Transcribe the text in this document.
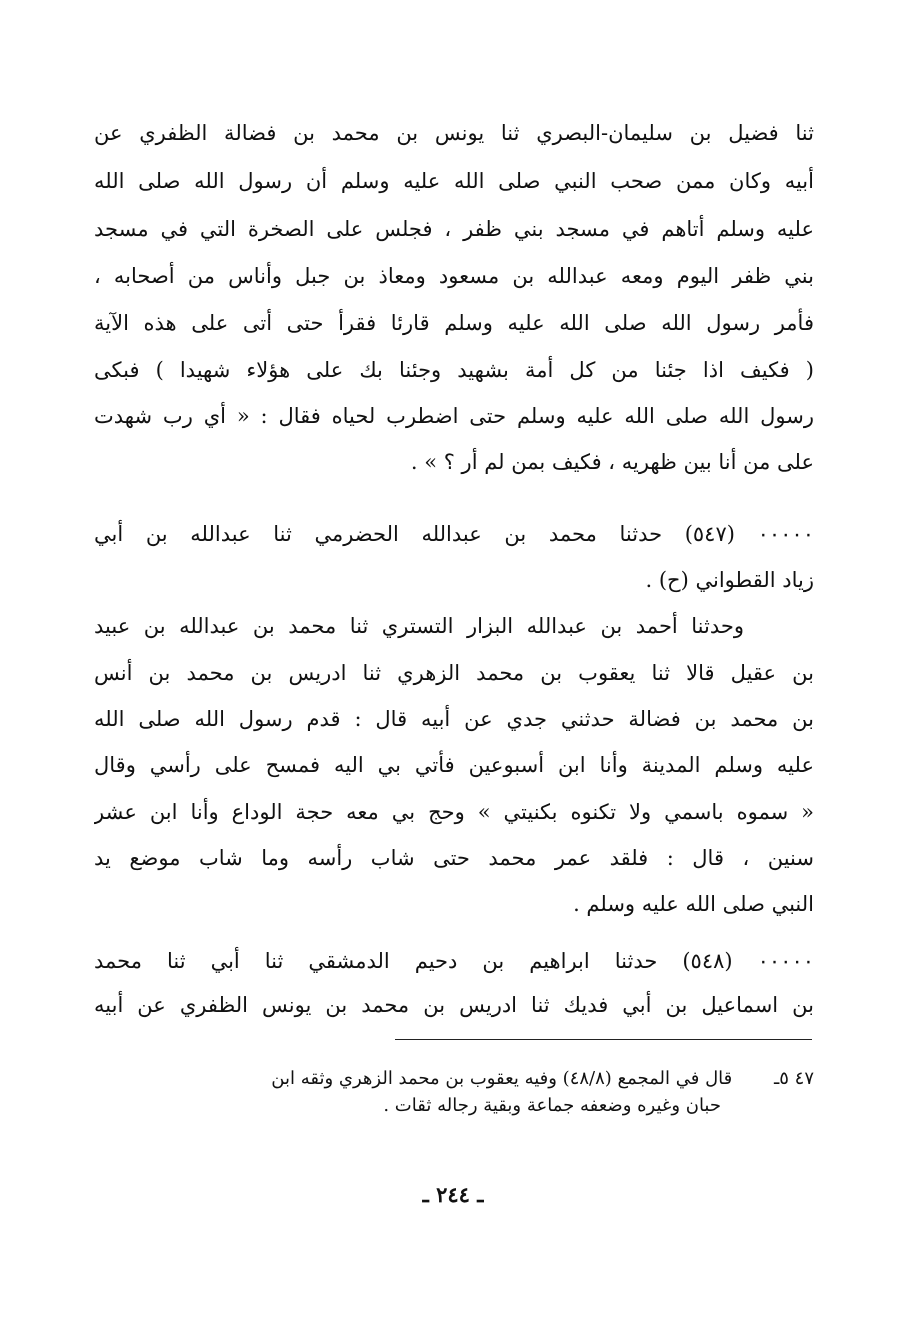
ثنا فضيل بن سليمان-البصري ثنا يونس بن محمد بن فضالة الظفري عن
أبيه وكان ممن صحب النبي صلى الله عليه وسلم أن رسول الله صلى الله
عليه وسلم أتاهم في مسجد بني ظفر ، فجلس على الصخرة التي في مسجد
بني ظفر اليوم ومعه عبدالله بن مسعود ومعاذ بن جبل وأناس من أصحابه ،
فأمر رسول الله صلى الله عليه وسلم قارئا فقرأ حتى أتى على هذه الآية
( فكيف اذا جئنا من كل أمة بشهيد وجئنا بك على هؤلاء شهيدا ) فبكى
رسول الله صلى الله عليه وسلم حتى اضطرب لحياه فقال : « أي رب شهدت
على من أنا بين ظهريه ، فكيف بمن لم أر ؟ » .
٠٠٠٠٠ (٥٤٧) حدثنا محمد بن عبدالله الحضرمي ثنا عبدالله بن أبي
زياد القطواني (ح) .
وحدثنا أحمد بن عبدالله البزار التستري ثنا محمد بن عبدالله بن عبيد
بن عقيل قالا ثنا يعقوب بن محمد الزهري ثنا ادريس بن محمد بن أنس
بن محمد بن فضالة حدثني جدي عن أبيه قال : قدم رسول الله صلى الله
عليه وسلم المدينة وأنا ابن أسبوعين فأتي بي اليه فمسح على رأسي وقال
« سموه باسمي ولا تكنوه بكنيتي » وحج بي معه حجة الوداع وأنا ابن عشر
سنين ، قال : فلقد عمر محمد حتى شاب رأسه وما شاب موضع يد
النبي صلى الله عليه وسلم .
٠٠٠٠٠ (٥٤٨) حدثنا ابراهيم بن دحيم الدمشقي ثنا أبي ثنا محمد
بن اسماعيل بن أبي فديك ثنا ادريس بن محمد بن يونس الظفري عن أبيه
٤٧ ٥ـ قال في المجمع (٤٨/٨) وفيه يعقوب بن محمد الزهري وثقه ابن
حبان وغيره وضعفه جماعة وبقية رجاله ثقات .
ـ ٢٤٤ ـ
